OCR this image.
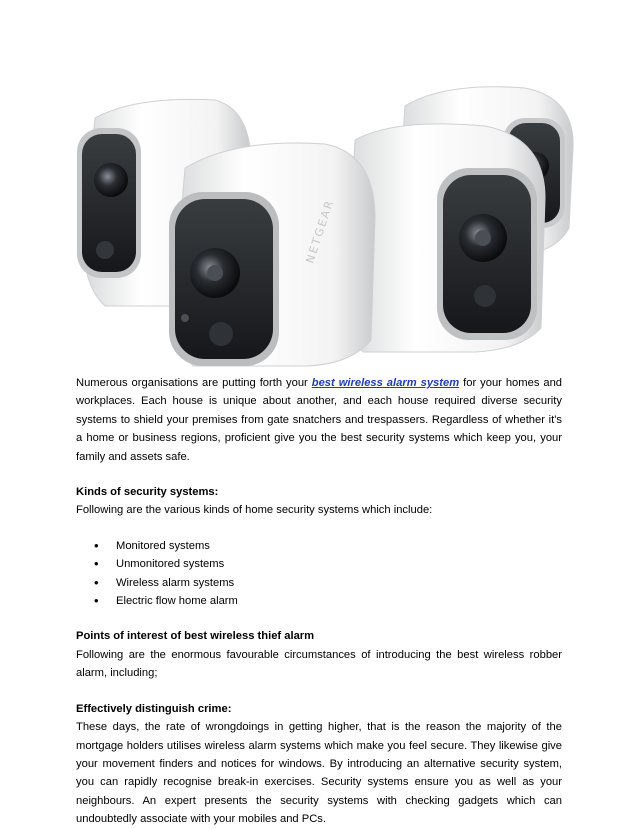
NETGEAR

Numerous organisations are putting forth your best wireless alarm system for your homes and workplaces. Each house is unique about another, and each house required diverse security systems to shield your premises from gate snatchers and trespassers. Regardless of whether it's a home or business regions, proficient give you the best security systems which keep you, your family and assets safe.

Kinds of security systems:

Following are the various kinds of home security systems which include:

• Monitored systems
• Unmonitored systems
• Wireless alarm systems
• Electric flow home alarm

Points of interest of best wireless thief alarm

Following are the enormous favourable circumstances of introducing the best wireless robber alarm, including;

Effectively distinguish crime:

These days, the rate of wrongdoings in getting higher, that is the reason the majority of the mortgage holders utilises wireless alarm systems which make you feel secure. They likewise give your movement finders and notices for windows. By introducing an alternative security system, you can rapidly recognise break-in exercises. Security systems ensure you as well as your neighbours. An expert presents the security systems with checking gadgets which can undoubtedly associate with your mobiles and PCs.
